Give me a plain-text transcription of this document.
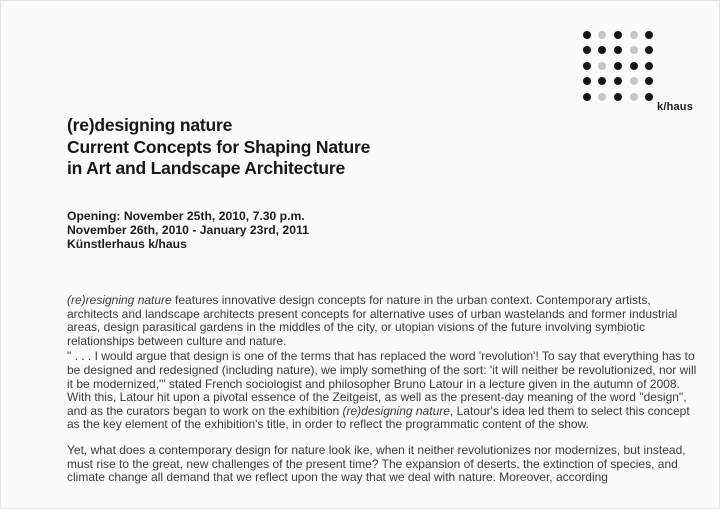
k/haus
(re)designing nature
Current Concepts for Shaping Nature
in Art and Landscape Architecture
Opening: November 25th, 2010, 7.30 p.m.
November 26th, 2010 - January 23rd, 2011
Künstlerhaus k/haus

(re)resigning nature features innovative design concepts for nature in the urban context. Contemporary artists, architects and landscape architects present concepts for alternative uses of urban wastelands and former industrial areas, design parasitical gardens in the middles of the city, or utopian visions of the future involving symbiotic relationships between culture and nature.

" . . . I would argue that design is one of the terms that has replaced the word 'revolution'! To say that everything has to be designed and redesigned (including nature), we imply something of the sort: 'it will neither be revolutionized, nor will it be modernized,'" stated French sociologist and philosopher Bruno Latour in a lecture given in the autumn of 2008. With this, Latour hit upon a pivotal essence of the Zeitgeist, as well as the present-day meaning of the word "design", and as the curators began to work on the exhibition (re)designing nature, Latour's idea led them to select this concept as the key element of the exhibition's title, in order to reflect the programmatic content of the show.

Yet, what does a contemporary design for nature look ike, when it neither revolutionizes nor modernizes, but instead, must rise to the great, new challenges of the present time? The expansion of deserts, the extinction of species, and climate change all demand that we reflect upon the way that we deal with nature. Moreover, according
